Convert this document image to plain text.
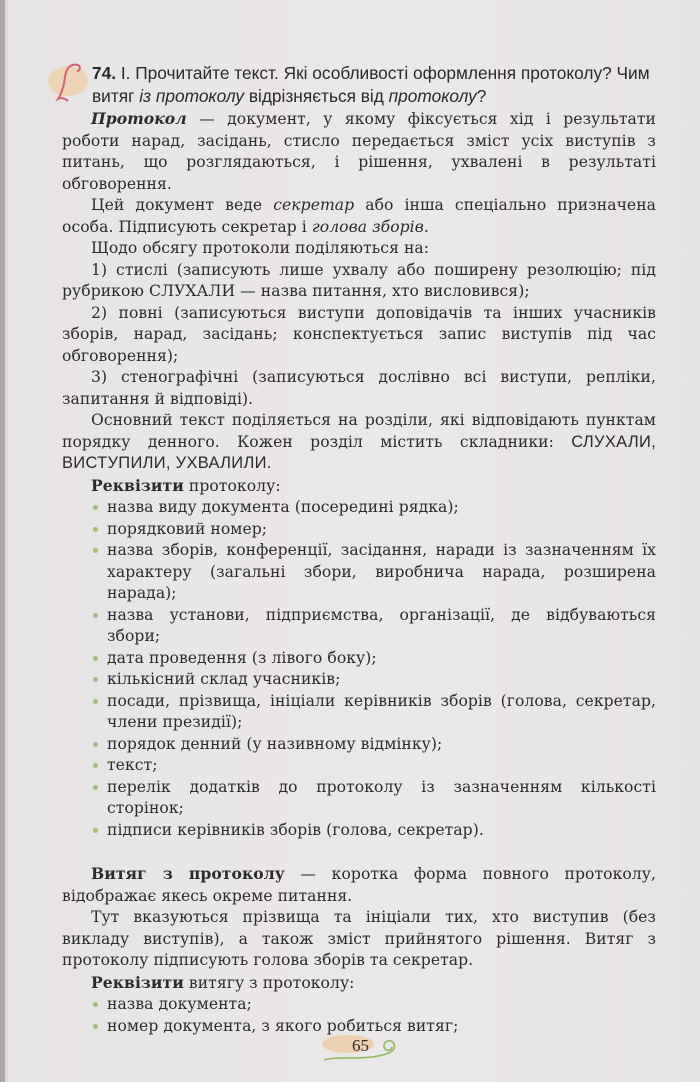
74. І. Прочитайте текст. Які особливості оформлення протоколу? Чим витяг із протоколу відрізняється від протоколу?

Протокол — документ, у якому фіксується хід і результати роботи нарад, засідань, стисло передається зміст усіх виступів з питань, що розглядаються, і рішення, ухвалені в результаті обговорення.

Цей документ веде секретар або інша спеціально призначена особа. Підписують секретар і голова зборів.

Щодо обсягу протоколи поділяються на:

1) стислі (записують лише ухвалу або поширену резолюцію; під рубрикою СЛУХАЛИ — назва питання, хто висловився);

2) повні (записуються виступи доповідачів та інших учасників зборів, нарад, засідань; конспектується запис виступів під час обговорення);

3) стенографічні (записуються дослівно всі виступи, репліки, запитання й відповіді).

Основний текст поділяється на розділи, які відповідають пунктам порядку денного. Кожен розділ містить складники: СЛУХАЛИ, ВИСТУПИЛИ, УХВАЛИЛИ.

Реквізити протоколу:

назва виду документа (посередині рядка);
порядковий номер;
назва зборів, конференції, засідання, наради із зазначенням їх характеру (загальні збори, виробнича нарада, розширена нарада);
назва установи, підприємства, організації, де відбуваються збори;
дата проведення (з лівого боку);
кількісний склад учасників;
посади, прізвища, ініціали керівників зборів (голова, секретар, члени президії);
порядок денний (у називному відмінку);
текст;
перелік додатків до протоколу із зазначенням кількості сторінок;
підписи керівників зборів (голова, секретар).

Витяг з протоколу — коротка форма повного протоколу, відображає якесь окреме питання.

Тут вказуються прізвища та ініціали тих, хто виступив (без викладу виступів), а також зміст прийнятого рішення. Витяг з протоколу підписують голова зборів та секретар.

Реквізити витягу з протоколу:

назва документа;
номер документа, з якого робиться витяг;
65
